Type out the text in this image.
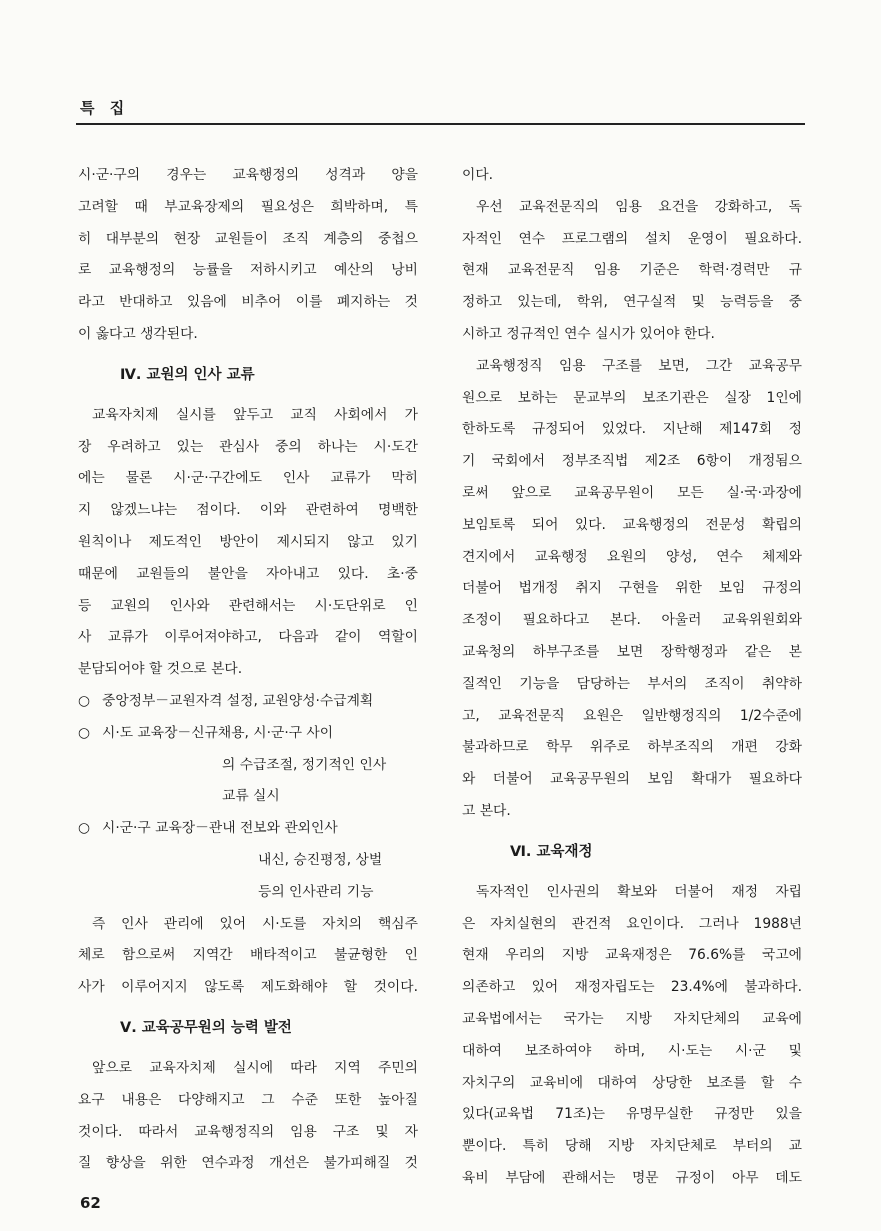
특 집
시·군·구의 경우는 교육행정의 성격과 양을
고려할 때 부교육장제의 필요성은 희박하며, 특
히 대부분의 현장 교원들이 조직 계층의 중첩으
로 교육행정의 능률을 저하시키고 예산의 낭비
라고 반대하고 있음에 비추어 이를 폐지하는 것
이 옳다고 생각된다.
Ⅳ. 교원의 인사 교류
교육자치제 실시를 앞두고 교직 사회에서 가
장 우려하고 있는 관심사 중의 하나는 시·도간
에는 물론 시·군·구간에도 인사 교류가 막히
지 않겠느냐는 점이다. 이와 관련하여 명백한
원칙이나 제도적인 방안이 제시되지 않고 있기
때문에 교원들의 불안을 자아내고 있다. 초·중
등 교원의 인사와 관련해서는 시·도단위로 인
사 교류가 이루어져야하고, 다음과 같이 역할이
분담되어야 할 것으로 본다.
○ 중앙정부－교원자격 설정, 교원양성·수급계획
○ 시·도 교육장－신규채용, 시·군·구 사이
의 수급조절, 정기적인 인사
교류 실시
○ 시·군·구 교육장－관내 전보와 관외인사
내신, 승진평정, 상벌
등의 인사관리 기능
즉 인사 관리에 있어 시·도를 자치의 핵심주
체로 함으로써 지역간 배타적이고 불균형한 인
사가 이루어지지 않도록 제도화해야 할 것이다.
Ⅴ. 교육공무원의 능력 발전
앞으로 교육자치제 실시에 따라 지역 주민의
요구 내용은 다양해지고 그 수준 또한 높아질
것이다. 따라서 교육행정직의 임용 구조 및 자
질 향상을 위한 연수과정 개선은 불가피해질 것
이다.
우선 교육전문직의 임용 요건을 강화하고, 독
자적인 연수 프로그램의 설치 운영이 필요하다.
현재 교육전문직 임용 기준은 학력·경력만 규
정하고 있는데, 학위, 연구실적 및 능력등을 중
시하고 정규적인 연수 실시가 있어야 한다.
교육행정직 임용 구조를 보면, 그간 교육공무
원으로 보하는 문교부의 보조기관은 실장 1인에
한하도록 규정되어 있었다. 지난해 제147회 정
기 국회에서 정부조직법 제2조 6항이 개정됨으
로써 앞으로 교육공무원이 모든 실·국·과장에
보임토록 되어 있다. 교육행정의 전문성 확립의
견지에서 교육행정 요원의 양성, 연수 체제와
더불어 법개정 취지 구현을 위한 보임 규정의
조정이 필요하다고 본다. 아울러 교육위원회와
교육청의 하부구조를 보면 장학행정과 같은 본
질적인 기능을 담당하는 부서의 조직이 취약하
고, 교육전문직 요원은 일반행정직의 1/2수준에
불과하므로 학무 위주로 하부조직의 개편 강화
와 더불어 교육공무원의 보임 확대가 필요하다
고 본다.
Ⅵ. 교육재정
독자적인 인사권의 확보와 더불어 재정 자립
은 자치실현의 관건적 요인이다. 그러나 1988년
현재 우리의 지방 교육재정은 76.6%를 국고에
의존하고 있어 재정자립도는 23.4%에 불과하다.
교육법에서는 국가는 지방 자치단체의 교육에
대하여 보조하여야 하며, 시·도는 시·군 및
자치구의 교육비에 대하여 상당한 보조를 할 수
있다(교육법 71조)는 유명무실한 규정만 있을
뿐이다. 특히 당해 지방 자치단체로 부터의 교
육비 부담에 관해서는 명문 규정이 아무 데도
62
